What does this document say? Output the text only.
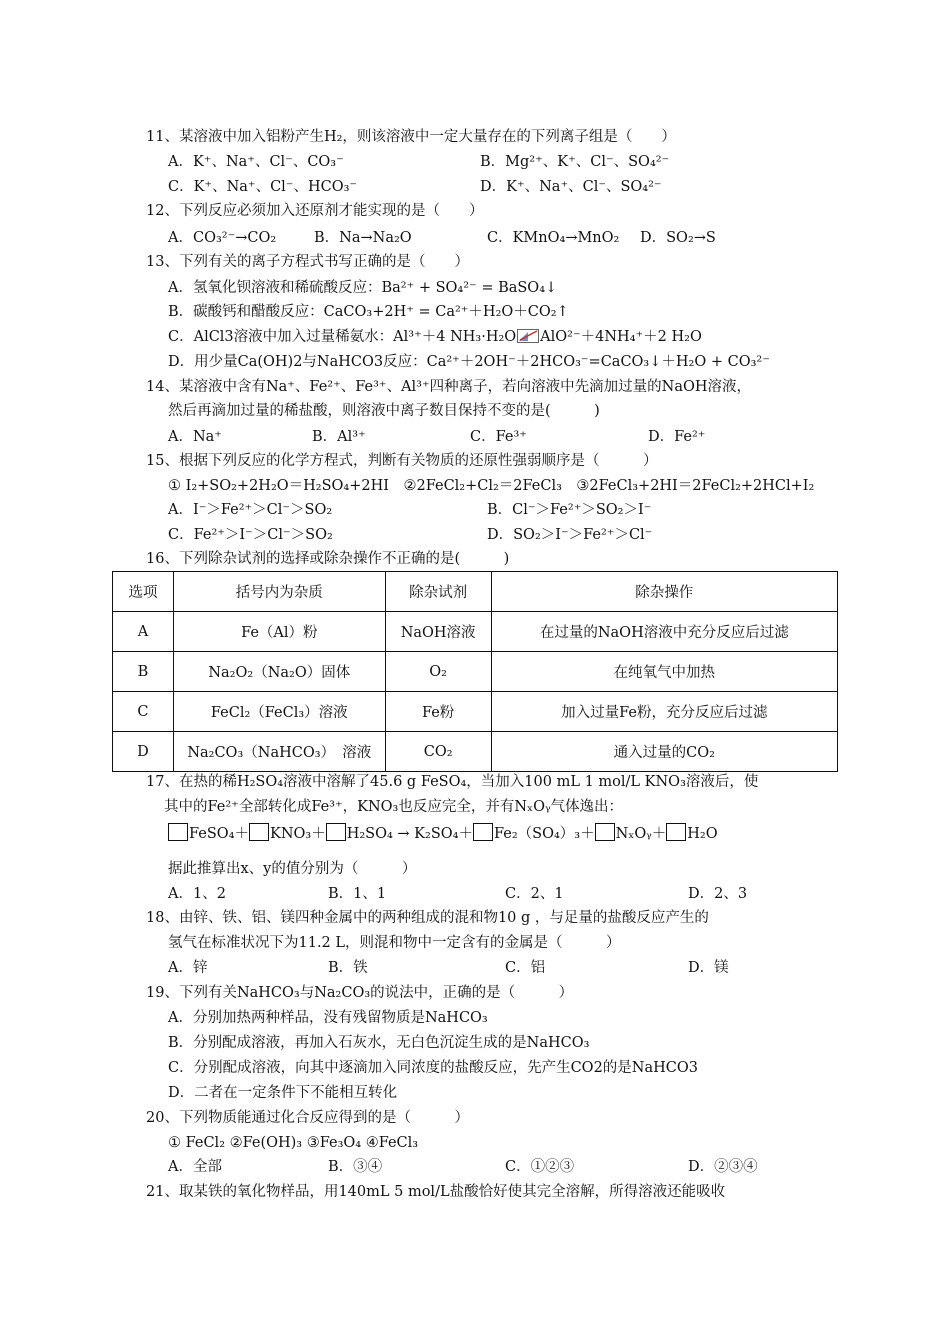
11、某溶液中加入铝粉产生H₂，则该溶液中一定大量存在的下列离子组是（　　）
A．K⁺、Na⁺、Cl⁻、CO₃⁻	B．Mg²⁺、K⁺、Cl⁻、SO₄²⁻
C．K⁺、Na⁺、Cl⁻、HCO₃⁻	D．K⁺、Na⁺、Cl⁻、SO₄²⁻
12、下列反应必须加入还原剂才能实现的是（　　）
A．CO₃²⁻→CO₂	B．Na→Na₂O	C．KMnO₄→MnO₂ D．SO₂→S
13、下列有关的离子方程式书写正确的是（　　）
A．氢氧化钡溶液和稀硫酸反应：Ba²⁺ + SO₄²⁻ = BaSO₄↓
B．碳酸钙和醋酸反应：CaCO₃+2H⁺ = Ca²⁺＋H₂O＋CO₂↑
C．AlCl3溶液中加入过量稀氨水：Al³⁺＋4 NH₃·H₂O AlO²⁻＋4NH₄⁺＋2 H₂O
D．用少量Ca(OH)2与NaHCO3反应：Ca²⁺＋2OH⁻＋2HCO₃⁻=CaCO₃↓＋H₂O + CO₃²⁻
14、某溶液中含有Na⁺、Fe²⁺、Fe³⁺、Al³⁺四种离子，若向溶液中先滴加过量的NaOH溶液，
然后再滴加过量的稀盐酸，则溶液中离子数目保持不变的是(　　　)
A．Na⁺	B．Al³⁺	C．Fe³⁺	D．Fe²⁺
15、根据下列反应的化学方程式，判断有关物质的还原性强弱顺序是（　　　）
① I₂+SO₂+2H₂O＝H₂SO₄+2HI　②2FeCl₂+Cl₂＝2FeCl₃　③2FeCl₃+2HI＝2FeCl₂+2HCl+I₂
A．I⁻＞Fe²⁺＞Cl⁻＞SO₂	B．Cl⁻＞Fe²⁺＞SO₂＞I⁻
C．Fe²⁺＞I⁻＞Cl⁻＞SO₂	D．SO₂＞I⁻＞Fe²⁺＞Cl⁻
16、下列除杂试剂的选择或除杂操作不正确的是(　　　)
选项	括号内为杂质	除杂试剂	除杂操作
A	Fe（Al）粉	NaOH溶液	在过量的NaOH溶液中充分反应后过滤
B	Na₂O₂（Na₂O）固体	O₂	在纯氧气中加热
C	FeCl₂（FeCl₃）溶液	Fe粉	加入过量Fe粉，充分反应后过滤
D	Na₂CO₃（NaHCO₃）　溶液	CO₂	通入过量的CO₂
17、在热的稀H₂SO₄溶液中溶解了45.6 g FeSO₄，当加入100 mL 1 mol/L KNO₃溶液后，使
其中的Fe²⁺全部转化成Fe³⁺，KNO₃也反应完全，并有NₓOᵧ气体逸出：
FeSO₄＋ KNO₃＋ H₂SO₄ → K₂SO₄＋ Fe₂（SO₄）₃＋ NₓOᵧ＋ H₂O
据此推算出x、y的值分别为（　　　）
A．1、2	B．1、1	C．2、1	D．2、3
18、由锌、铁、铝、镁四种金属中的两种组成的混和物10 g ，与足量的盐酸反应产生的
氢气在标准状况下为11.2 L，则混和物中一定含有的金属是（　　　）
A．锌	B．铁	C．铝	D．镁
19、下列有关NaHCO₃与Na₂CO₃的说法中，正确的是（　　　）
A．分别加热两种样品，没有残留物质是NaHCO₃
B．分别配成溶液，再加入石灰水，无白色沉淀生成的是NaHCO₃
C．分别配成溶液，向其中逐滴加入同浓度的盐酸反应，先产生CO2的是NaHCO3
D．二者在一定条件下不能相互转化
20、下列物质能通过化合反应得到的是（　　　）
① FeCl₂ ②Fe(OH)₃ ③Fe₃O₄ ④FeCl₃
A．全部	B．③④	C．①②③	D．②③④
21、取某铁的氧化物样品，用140mL 5 mol/L盐酸恰好使其完全溶解，所得溶液还能吸收
